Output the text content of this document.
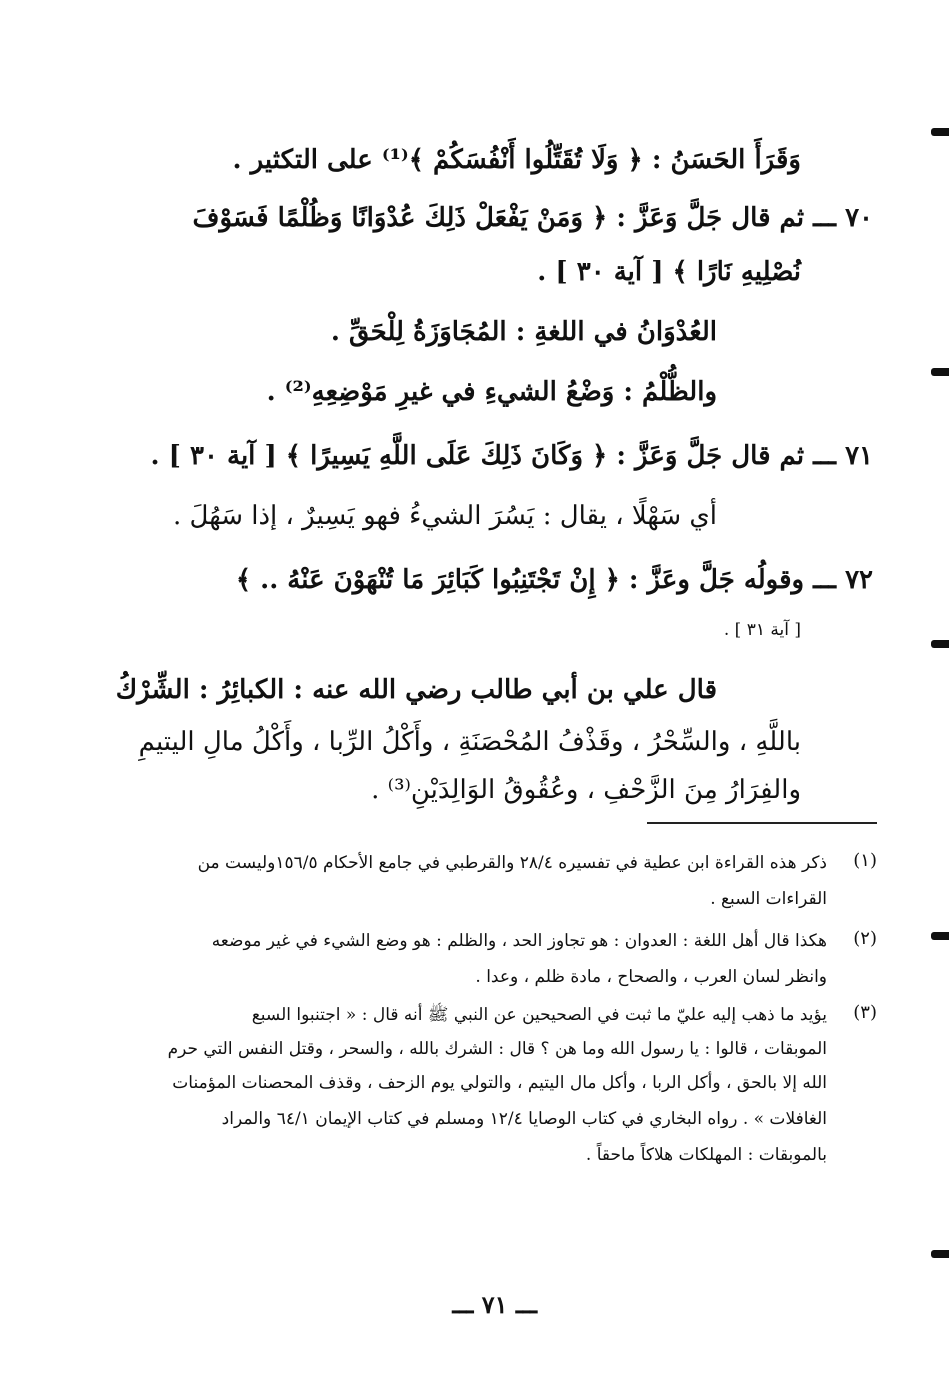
وَقَرَأَ الحَسَنُ : ﴿ وَلَا تُقَتِّلُوا أَنْفُسَكُمْ ﴾⁽¹⁾ على التكثير .
٧٠ ـــ ثم قال جَلَّ وَعَزَّ : ﴿ وَمَنْ يَفْعَلْ ذَلِكَ عُدْوَانًا وَظُلْمًا فَسَوْفَ
نُصْلِيهِ نَارًا ﴾ [ آية ٣٠ ] .
العُدْوَانُ في اللغةِ : المُجَاوَزَةُ لِلْحَقِّ .
والظُّلْمُ : وَضْعُ الشيءِ في غيرِ مَوْضِعِهِ⁽²⁾ .
٧١ ـــ ثم قال جَلَّ وَعَزَّ : ﴿ وَكَانَ ذَلِكَ عَلَى اللَّهِ يَسِيرًا ﴾ [ آية ٣٠ ] .
أي سَهْلًا ، يقال : يَسُرَ الشيءُ فهو يَسِيرٌ ، إذا سَهُلَ .
٧٢ ـــ وقولُه جَلَّ وعَزَّ : ﴿ إِنْ تَجْتَنِبُوا كَبَائِرَ مَا تُنْهَوْنَ عَنْهُ .. ﴾
[ آية ٣١ ] .
قال علي بن أبي طالب رضي الله عنه : الكبائِرُ : الشِّرْكُ
باللَّهِ ، والسِّحْرُ ، وقَذْفُ المُحْصَنَةِ ، وأَكْلُ الرِّبا ، وأَكْلُ مالِ اليتيمِ
والفِرَارُ مِنَ الزَّحْفِ ، وعُقُوقُ الوَالِدَيْنِ⁽³⁾ .
(١)
ذكر هذه القراءة ابن عطية في تفسيره ٢٨/٤ والقرطبي في جامع الأحكام ١٥٦/٥وليست من
القراءات السبع .
(٢)
هكذا قال أهل اللغة : العدوان : هو تجاوز الحد ، والظلم : هو وضع الشيء في غير موضعه
وانظر لسان العرب ، والصحاح ، مادة ظلم ، وعدا .
(٣)
يؤيد ما ذهب إليه عليّ ما ثبت في الصحيحين عن النبي ﷺ أنه قال : « اجتنبوا السبع
الموبقات ، قالوا : يا رسول الله وما هن ؟ قال : الشرك بالله ، والسحر ، وقتل النفس التي حرم
الله إلا بالحق ، وأكل الربا ، وأكل مال اليتيم ، والتولي يوم الزحف ، وقذف المحصنات المؤمنات
الغافلات » . رواه البخاري في كتاب الوصايا ١٢/٤ ومسلم في كتاب الإيمان ٦٤/١ والمراد
بالموبقات : المهلكات هلاكاً ماحقاً .
ـــ ٧١ ـــ
